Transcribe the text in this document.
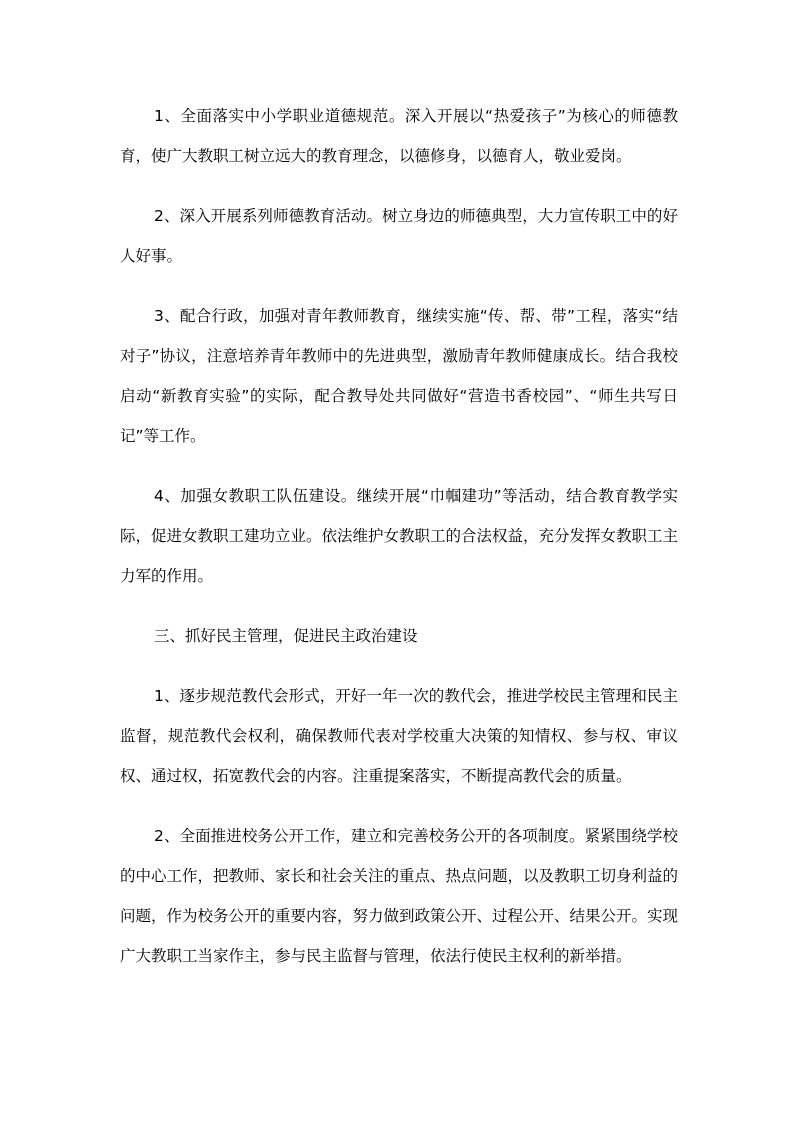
1、全面落实中小学职业道德规范。深入开展以“热爱孩子”为核心的师德教育，使广大教职工树立远大的教育理念，以德修身，以德育人，敬业爱岗。

2、深入开展系列师德教育活动。树立身边的师德典型，大力宣传职工中的好人好事。

3、配合行政，加强对青年教师教育，继续实施“传、帮、带”工程，落实“结对子”协议，注意培养青年教师中的先进典型，激励青年教师健康成长。结合我校启动“新教育实验”的实际，配合教导处共同做好“营造书香校园”、“师生共写日记”等工作。

4、加强女教职工队伍建设。继续开展“巾帼建功”等活动，结合教育教学实际，促进女教职工建功立业。依法维护女教职工的合法权益，充分发挥女教职工主力军的作用。

三、抓好民主管理，促进民主政治建设

1、逐步规范教代会形式，开好一年一次的教代会，推进学校民主管理和民主监督，规范教代会权利，确保教师代表对学校重大决策的知情权、参与权、审议权、通过权，拓宽教代会的内容。注重提案落实，不断提高教代会的质量。

2、全面推进校务公开工作，建立和完善校务公开的各项制度。紧紧围绕学校的中心工作，把教师、家长和社会关注的重点、热点问题，以及教职工切身利益的问题，作为校务公开的重要内容，努力做到政策公开、过程公开、结果公开。实现广大教职工当家作主，参与民主监督与管理，依法行使民主权利的新举措。
